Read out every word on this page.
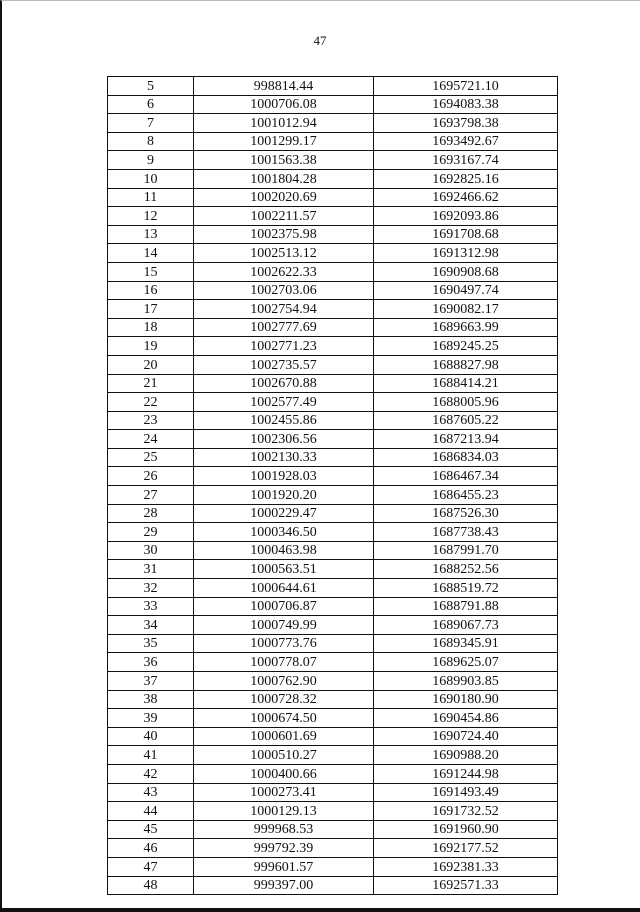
47
5	998814.44	1695721.10
6	1000706.08	1694083.38
7	1001012.94	1693798.38
8	1001299.17	1693492.67
9	1001563.38	1693167.74
10	1001804.28	1692825.16
11	1002020.69	1692466.62
12	1002211.57	1692093.86
13	1002375.98	1691708.68
14	1002513.12	1691312.98
15	1002622.33	1690908.68
16	1002703.06	1690497.74
17	1002754.94	1690082.17
18	1002777.69	1689663.99
19	1002771.23	1689245.25
20	1002735.57	1688827.98
21	1002670.88	1688414.21
22	1002577.49	1688005.96
23	1002455.86	1687605.22
24	1002306.56	1687213.94
25	1002130.33	1686834.03
26	1001928.03	1686467.34
27	1001920.20	1686455.23
28	1000229.47	1687526.30
29	1000346.50	1687738.43
30	1000463.98	1687991.70
31	1000563.51	1688252.56
32	1000644.61	1688519.72
33	1000706.87	1688791.88
34	1000749.99	1689067.73
35	1000773.76	1689345.91
36	1000778.07	1689625.07
37	1000762.90	1689903.85
38	1000728.32	1690180.90
39	1000674.50	1690454.86
40	1000601.69	1690724.40
41	1000510.27	1690988.20
42	1000400.66	1691244.98
43	1000273.41	1691493.49
44	1000129.13	1691732.52
45	999968.53	1691960.90
46	999792.39	1692177.52
47	999601.57	1692381.33
48	999397.00	1692571.33
